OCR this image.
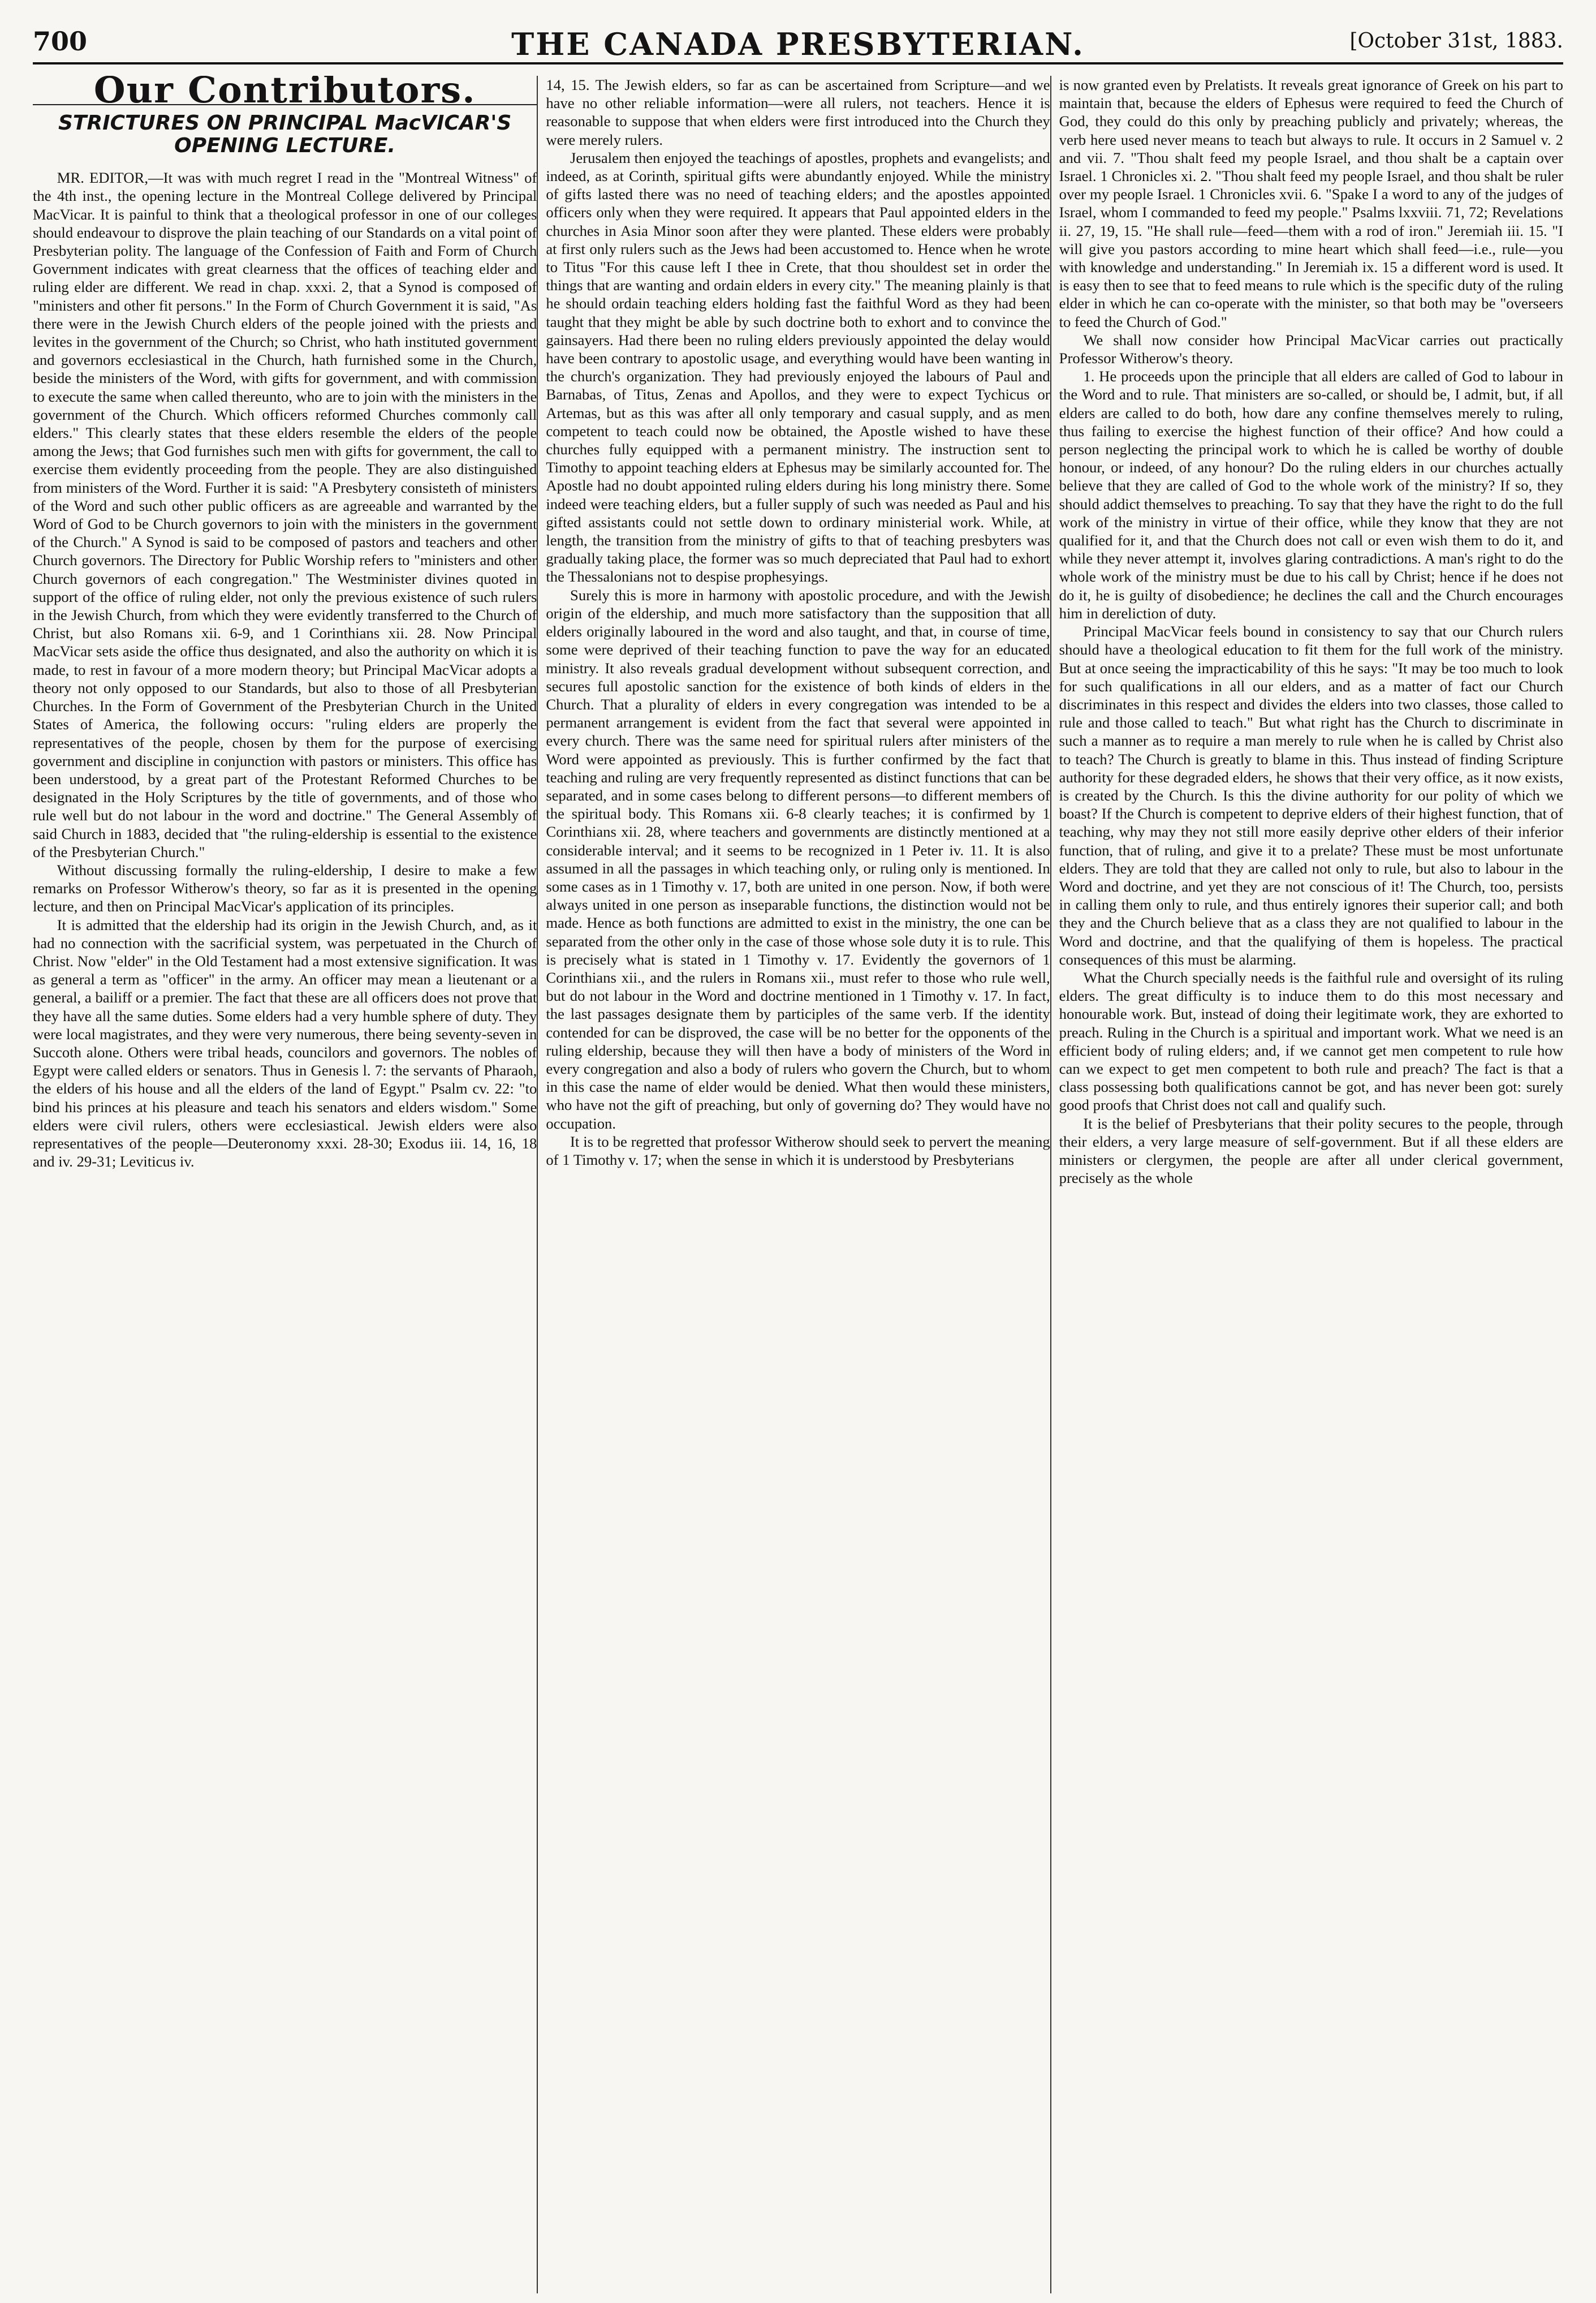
700	THE CANADA PRESBYTERIAN.	[October 31st, 1883.
Our Contributors.
STRICTURES ON PRINCIPAL MacVICAR'S OPENING LECTURE.

MR. EDITOR,—It was with much regret I read in the "Montreal Witness" of the 4th inst., the opening lecture in the Montreal College delivered by Principal MacVicar. It is painful to think that a theological professor in one of our colleges should endeavour to disprove the plain teaching of our Standards on a vital point of Presbyterian polity. The language of the Confession of Faith and Form of Church Government indicates with great clearness that the offices of teaching elder and ruling elder are different. We read in chap. xxxi. 2, that a Synod is composed of "ministers and other fit persons." In the Form of Church Government it is said, "As there were in the Jewish Church elders of the people joined with the priests and levites in the government of the Church; so Christ, who hath instituted government and governors ecclesiastical in the Church, hath furnished some in the Church, beside the ministers of the Word, with gifts for government, and with commission to execute the same when called thereunto, who are to join with the ministers in the government of the Church. Which officers reformed Churches commonly call elders." This clearly states that these elders resemble the elders of the people among the Jews; that God furnishes such men with gifts for government, the call to exercise them evidently proceeding from the people. They are also distinguished from ministers of the Word. Further it is said: "A Presbytery consisteth of ministers of the Word and such other public officers as are agreeable and warranted by the Word of God to be Church governors to join with the ministers in the government of the Church." A Synod is said to be composed of pastors and teachers and other Church governors. The Directory for Public Worship refers to "ministers and other Church governors of each congregation." The Westminister divines quoted in support of the office of ruling elder, not only the previous existence of such rulers in the Jewish Church, from which they were evidently transferred to the Church of Christ, but also Romans xii. 6-9, and 1 Corinthians xii. 28. Now Principal MacVicar sets aside the office thus designated, and also the authority on which it is made, to rest in favour of a more modern theory; but Principal MacVicar adopts a theory not only opposed to our Standards, but also to those of all Presbyterian Churches. In the Form of Government of the Presbyterian Church in the United States of America, the following occurs: "ruling elders are properly the representatives of the people, chosen by them for the purpose of exercising government and discipline in conjunction with pastors or ministers. This office has been understood, by a great part of the Protestant Reformed Churches to be designated in the Holy Scriptures by the title of governments, and of those who rule well but do not labour in the word and doctrine." The General Assembly of said Church in 1883, decided that "the ruling-eldership is essential to the existence of the Presbyterian Church."

Without discussing formally the ruling-eldership, I desire to make a few remarks on Professor Witherow's theory, so far as it is presented in the opening lecture, and then on Principal MacVicar's application of its principles.

It is admitted that the eldership had its origin in the Jewish Church, and, as it had no connection with the sacrificial system, was perpetuated in the Church of Christ. Now "elder" in the Old Testament had a most extensive signification. It was as general a term as "officer" in the army. An officer may mean a lieutenant or a general, a bailiff or a premier. The fact that these are all officers does not prove that they have all the same duties. Some elders had a very humble sphere of duty. They were local magistrates, and they were very numerous, there being seventy-seven in Succoth alone. Others were tribal heads, councilors and governors. The nobles of Egypt were called elders or senators. Thus in Genesis l. 7: the servants of Pharaoh, the elders of his house and all the elders of the land of Egypt." Psalm cv. 22: "to bind his princes at his pleasure and teach his senators and elders wisdom." Some elders were civil rulers, others were ecclesiastical. Jewish elders were also representatives of the people—Deuteronomy xxxi. 28-30; Exodus iii. 14, 16, 18 and iv. 29-31; Leviticus iv.

14, 15. The Jewish elders, so far as can be ascertained from Scripture—and we have no other reliable information—were all rulers, not teachers. Hence it is reasonable to suppose that when elders were first introduced into the Church they were merely rulers.

Jerusalem then enjoyed the teachings of apostles, prophets and evangelists; and indeed, as at Corinth, spiritual gifts were abundantly enjoyed. While the ministry of gifts lasted there was no need of teaching elders; and the apostles appointed officers only when they were required. It appears that Paul appointed elders in the churches in Asia Minor soon after they were planted. These elders were probably at first only rulers such as the Jews had been accustomed to. Hence when he wrote to Titus "For this cause left I thee in Crete, that thou shouldest set in order the things that are wanting and ordain elders in every city." The meaning plainly is that he should ordain teaching elders holding fast the faithful Word as they had been taught that they might be able by such doctrine both to exhort and to convince the gainsayers. Had there been no ruling elders previously appointed the delay would have been contrary to apostolic usage, and everything would have been wanting in the church's organization. They had previously enjoyed the labours of Paul and Barnabas, of Titus, Zenas and Apollos, and they were to expect Tychicus or Artemas, but as this was after all only temporary and casual supply, and as men competent to teach could now be obtained, the Apostle wished to have these churches fully equipped with a permanent ministry. The instruction sent to Timothy to appoint teaching elders at Ephesus may be similarly accounted for. The Apostle had no doubt appointed ruling elders during his long ministry there. Some indeed were teaching elders, but a fuller supply of such was needed as Paul and his gifted assistants could not settle down to ordinary ministerial work. While, at length, the transition from the ministry of gifts to that of teaching presbyters was gradually taking place, the former was so much depreciated that Paul had to exhort the Thessalonians not to despise prophesyings.

Surely this is more in harmony with apostolic procedure, and with the Jewish origin of the eldership, and much more satisfactory than the supposition that all elders originally laboured in the word and also taught, and that, in course of time, some were deprived of their teaching function to pave the way for an educated ministry. It also reveals gradual development without subsequent correction, and secures full apostolic sanction for the existence of both kinds of elders in the Church. That a plurality of elders in every congregation was intended to be a permanent arrangement is evident from the fact that several were appointed in every church. There was the same need for spiritual rulers after ministers of the Word were appointed as previously. This is further confirmed by the fact that teaching and ruling are very frequently represented as distinct functions that can be separated, and in some cases belong to different persons—to different members of the spiritual body. This Romans xii. 6-8 clearly teaches; it is confirmed by 1 Corinthians xii. 28, where teachers and governments are distinctly mentioned at a considerable interval; and it seems to be recognized in 1 Peter iv. 11. It is also assumed in all the passages in which teaching only, or ruling only is mentioned. In some cases as in 1 Timothy v. 17, both are united in one person. Now, if both were always united in one person as inseparable functions, the distinction would not be made. Hence as both functions are admitted to exist in the ministry, the one can be separated from the other only in the case of those whose sole duty it is to rule. This is precisely what is stated in 1 Timothy v. 17. Evidently the governors of 1 Corinthians xii., and the rulers in Romans xii., must refer to those who rule well, but do not labour in the Word and doctrine mentioned in 1 Timothy v. 17. In fact, the last passages designate them by participles of the same verb. If the identity contended for can be disproved, the case will be no better for the opponents of the ruling eldership, because they will then have a body of ministers of the Word in every congregation and also a body of rulers who govern the Church, but to whom in this case the name of elder would be denied. What then would these ministers, who have not the gift of preaching, but only of governing do? They would have no occupation.

It is to be regretted that professor Witherow should seek to pervert the meaning of 1 Timothy v. 17; when the sense in which it is understood by Presbyterians

is now granted even by Prelatists. It reveals great ignorance of Greek on his part to maintain that, because the elders of Ephesus were required to feed the Church of God, they could do this only by preaching publicly and privately; whereas, the verb here used never means to teach but always to rule. It occurs in 2 Samuel v. 2 and vii. 7. "Thou shalt feed my people Israel, and thou shalt be a captain over Israel. 1 Chronicles xi. 2. "Thou shalt feed my people Israel, and thou shalt be ruler over my people Israel. 1 Chronicles xvii. 6. "Spake I a word to any of the judges of Israel, whom I commanded to feed my people." Psalms lxxviii. 71, 72; Revelations ii. 27, 19, 15. "He shall rule—feed—them with a rod of iron." Jeremiah iii. 15. "I will give you pastors according to mine heart which shall feed—i.e., rule—you with knowledge and understanding." In Jeremiah ix. 15 a different word is used. It is easy then to see that to feed means to rule which is the specific duty of the ruling elder in which he can co-operate with the minister, so that both may be "overseers to feed the Church of God."

We shall now consider how Principal MacVicar carries out practically Professor Witherow's theory.

1. He proceeds upon the principle that all elders are called of God to labour in the Word and to rule. That ministers are so-called, or should be, I admit, but, if all elders are called to do both, how dare any confine themselves merely to ruling, thus failing to exercise the highest function of their office? And how could a person neglecting the principal work to which he is called be worthy of double honour, or indeed, of any honour? Do the ruling elders in our churches actually believe that they are called of God to the whole work of the ministry? If so, they should addict themselves to preaching. To say that they have the right to do the full work of the ministry in virtue of their office, while they know that they are not qualified for it, and that the Church does not call or even wish them to do it, and while they never attempt it, involves glaring contradictions. A man's right to do the whole work of the ministry must be due to his call by Christ; hence if he does not do it, he is guilty of disobedience; he declines the call and the Church encourages him in dereliction of duty.

Principal MacVicar feels bound in consistency to say that our Church rulers should have a theological education to fit them for the full work of the ministry. But at once seeing the impracticability of this he says: "It may be too much to look for such qualifications in all our elders, and as a matter of fact our Church discriminates in this respect and divides the elders into two classes, those called to rule and those called to teach." But what right has the Church to discriminate in such a manner as to require a man merely to rule when he is called by Christ also to teach? The Church is greatly to blame in this. Thus instead of finding Scripture authority for these degraded elders, he shows that their very office, as it now exists, is created by the Church. Is this the divine authority for our polity of which we boast? If the Church is competent to deprive elders of their highest function, that of teaching, why may they not still more easily deprive other elders of their inferior function, that of ruling, and give it to a prelate? These must be most unfortunate elders. They are told that they are called not only to rule, but also to labour in the Word and doctrine, and yet they are not conscious of it! The Church, too, persists in calling them only to rule, and thus entirely ignores their superior call; and both they and the Church believe that as a class they are not qualified to labour in the Word and doctrine, and that the qualifying of them is hopeless. The practical consequences of this must be alarming.

What the Church specially needs is the faithful rule and oversight of its ruling elders. The great difficulty is to induce them to do this most necessary and honourable work. But, instead of doing their legitimate work, they are exhorted to preach. Ruling in the Church is a spiritual and important work. What we need is an efficient body of ruling elders; and, if we cannot get men competent to rule how can we expect to get men competent to both rule and preach? The fact is that a class possessing both qualifications cannot be got, and has never been got: surely good proofs that Christ does not call and qualify such.

It is the belief of Presbyterians that their polity secures to the people, through their elders, a very large measure of self-government. But if all these elders are ministers or clergymen, the people are after all under clerical government, precisely as the whole
